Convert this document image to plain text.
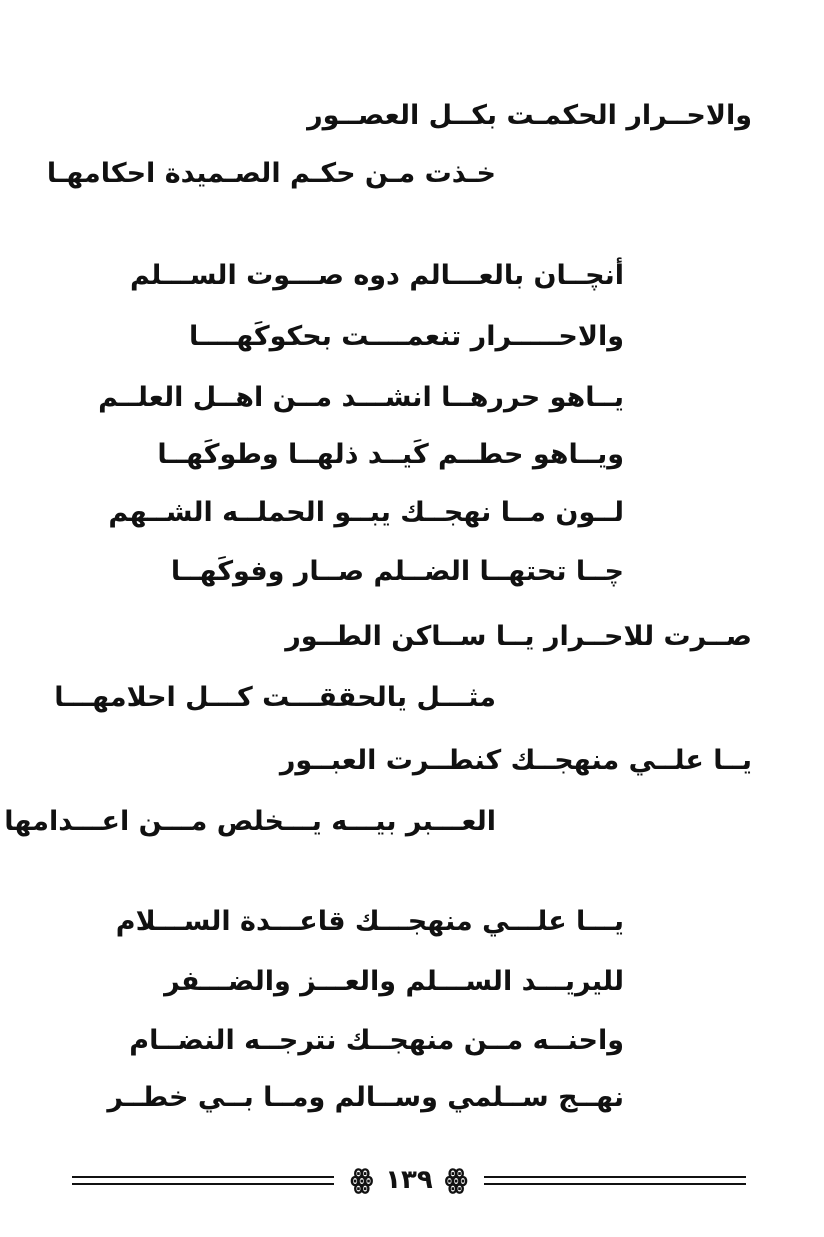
والاحــرار الحكمـت بكــل العصــور

خـذت مـن حكـم الصـميدة احكامهـا

أنچــان بالعـــالم دوه صـــوت الســـلم

والاحـــــرار تنعمــــت بحكوكَهــــا

يــاهو حررهــا انشـــد مــن اهــل العلــم

ويــاهو حطــم كَيــد ذلهــا وطوكَهــا

لــون مــا نهجــك يبــو الحملــه الشــهم

چــا تحتهــا الضــلم صــار وفوكَهــا

صــرت للاحــرار يــا ســاكن الطــور

مثـــل يالحققـــت كـــل احلامهـــا

يــا علــي منهجــك كنطــرت العبــور

العـــبر بيـــه يـــخلص مـــن اعـــدامها

يـــا علـــي منهجـــك قاعـــدة الســـلام

لليريـــد الســـلم والعـــز والضـــفر

واحنــه مــن منهجــك نترجــه النضــام

نهــج ســلمي وســالم ومــا بــي خطــر

ꙮ
١٣٩
ꙮ
